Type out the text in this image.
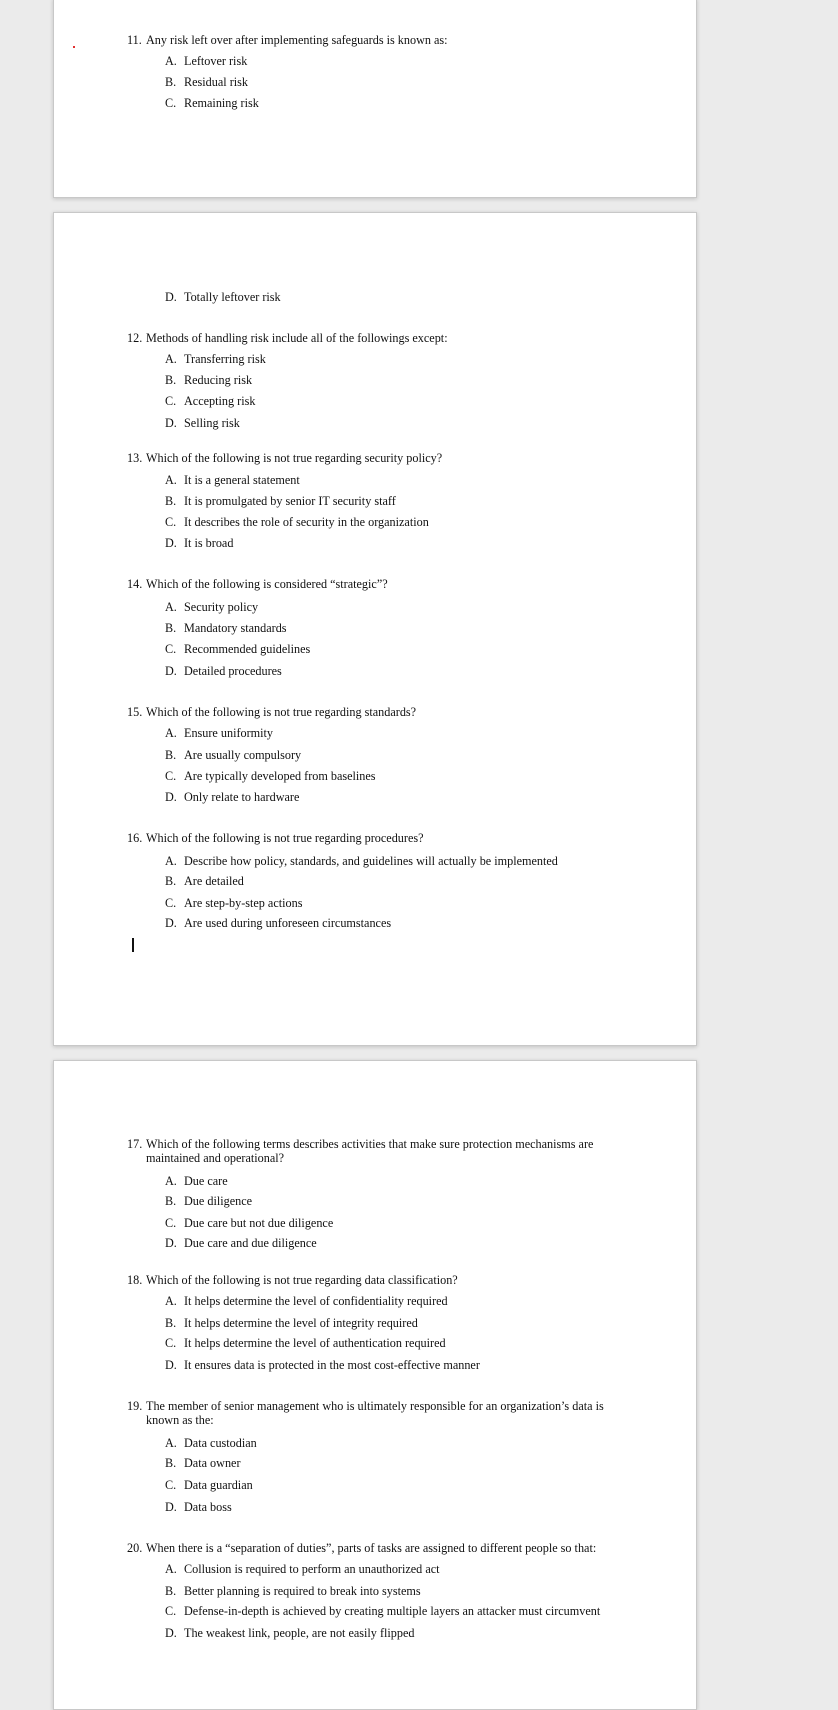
11. Any risk left over after implementing safeguards is known as:
A. Leftover risk
B. Residual risk
C. Remaining risk
D. Totally leftover risk
12. Methods of handling risk include all of the followings except:
A. Transferring risk
B. Reducing risk
C. Accepting risk
D. Selling risk
13. Which of the following is not true regarding security policy?
A. It is a general statement
B. It is promulgated by senior IT security staff
C. It describes the role of security in the organization
D. It is broad
14. Which of the following is considered “strategic”?
A. Security policy
B. Mandatory standards
C. Recommended guidelines
D. Detailed procedures
15. Which of the following is not true regarding standards?
A. Ensure uniformity
B. Are usually compulsory
C. Are typically developed from baselines
D. Only relate to hardware
16. Which of the following is not true regarding procedures?
A. Describe how policy, standards, and guidelines will actually be implemented
B. Are detailed
C. Are step-by-step actions
D. Are used during unforeseen circumstances
17. Which of the following terms describes activities that make sure protection mechanisms are maintained and operational?
A. Due care
B. Due diligence
C. Due care but not due diligence
D. Due care and due diligence
18. Which of the following is not true regarding data classification?
A. It helps determine the level of confidentiality required
B. It helps determine the level of integrity required
C. It helps determine the level of authentication required
D. It ensures data is protected in the most cost-effective manner
19. The member of senior management who is ultimately responsible for an organization’s data is known as the:
A. Data custodian
B. Data owner
C. Data guardian
D. Data boss
20. When there is a “separation of duties”, parts of tasks are assigned to different people so that:
A. Collusion is required to perform an unauthorized act
B. Better planning is required to break into systems
C. Defense-in-depth is achieved by creating multiple layers an attacker must circumvent
D. The weakest link, people, are not easily flipped
